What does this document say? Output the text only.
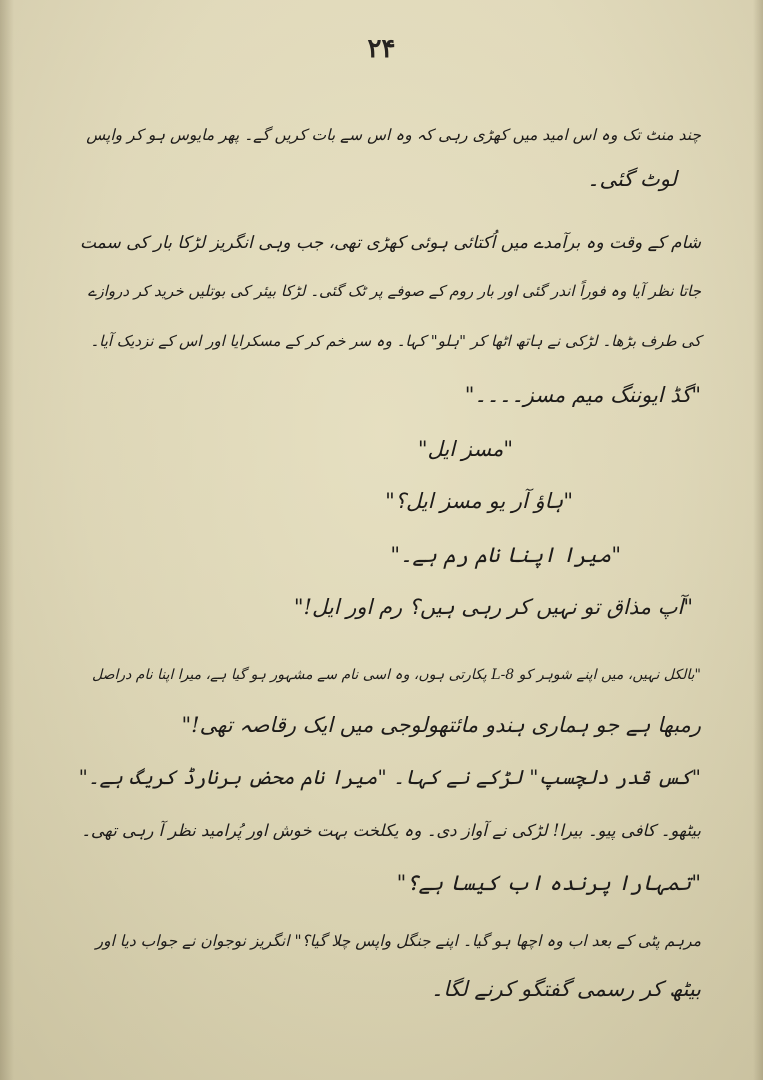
۲۴
چند منٹ تک وہ اس امید میں کھڑی رہی کہ وہ اس سے بات کریں گے۔ پھر مایوس ہو کر واپس
لوٹ گئی۔
شام کے وقت وہ برآمدے میں اُکتائی ہوئی کھڑی تھی، جب وہی انگریز لڑکا بار کی سمت
جاتا نظر آیا وہ فوراً اندر گئی اور بار روم کے صوفے پر ٹک گئی۔ لڑکا بیئر کی بوتلیں خرید کر دروازے
کی طرف بڑھا۔ لڑکی نے ہاتھ اٹھا کر "ہلو" کہا۔ وہ سر خم کر کے مسکرایا اور اس کے نزدیک آیا۔
"گڈ ایوننگ میم مسز۔۔۔۔"
"مسز ایل"
"ہاؤ آر یو مسز ایل؟"
"میرا اپنا نام رم ہے۔"
"آپ مذاق تو نہیں کر رہی ہیں؟ رم اور ایل!"
"بالکل نہیں، میں اپنے شوہر کو L-8 پکارتی ہوں، وہ اسی نام سے مشہور ہو گیا ہے، میرا اپنا نام دراصل
رمبھا ہے جو ہماری ہندو مائتھولوجی میں ایک رقاصہ تھی!"
"کس قدر دلچسپ" لڑکے نے کہا۔ "میرا نام محض برنارڈ کریگ ہے۔"
بیٹھو۔ کافی پیو۔ بیرا! لڑکی نے آواز دی۔ وہ یکلخت بہت خوش اور پُرامید نظر آ رہی تھی۔
"تمہارا پرندہ اب کیسا ہے؟"
مرہم پٹی کے بعد اب وہ اچھا ہو گیا۔ اپنے جنگل واپس چلا گیا؟" انگریز نوجوان نے جواب دیا اور
بیٹھ کر رسمی گفتگو کرنے لگا۔
